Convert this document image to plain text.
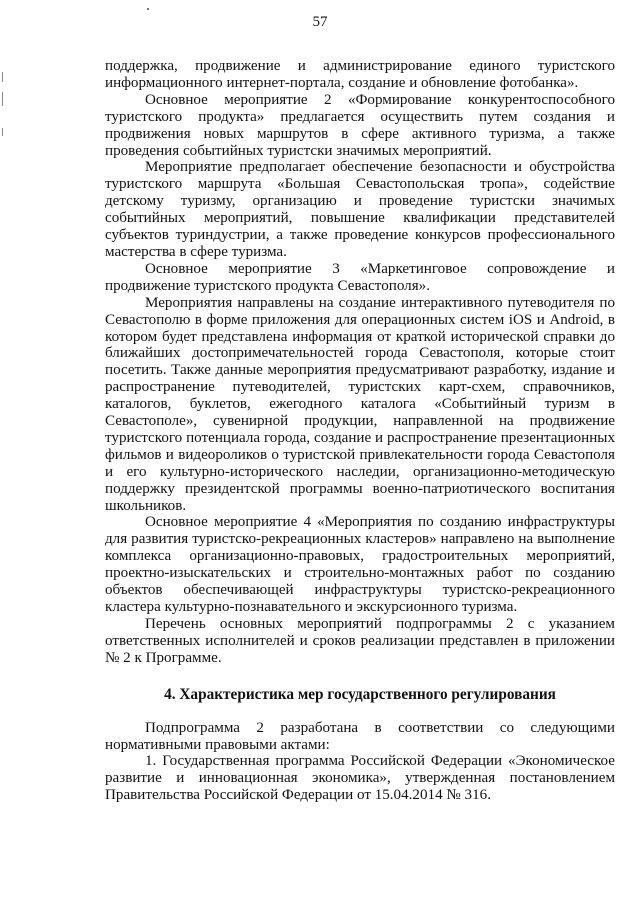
57

поддержка, продвижение и администрирование единого туристского информационного интернет-портала, создание и обновление фотобанка».

Основное мероприятие 2 «Формирование конкурентоспособного туристского продукта» предлагается осуществить путем создания и продвижения новых маршрутов в сфере активного туризма, а также проведения событийных туристски значимых мероприятий.

Мероприятие предполагает обеспечение безопасности и обустройства туристского маршрута «Большая Севастопольская тропа», содействие детскому туризму, организацию и проведение туристски значимых событийных мероприятий, повышение квалификации представителей субъектов туриндустрии, а также проведение конкурсов профессионального мастерства в сфере туризма.

Основное мероприятие 3 «Маркетинговое сопровождение и продвижение туристского продукта Севастополя».

Мероприятия направлены на создание интерактивного путеводителя по Севастополю в форме приложения для операционных систем iOS и Android, в котором будет представлена информация от краткой исторической справки до ближайших достопримечательностей города Севастополя, которые стоит посетить. Также данные мероприятия предусматривают разработку, издание и распространение путеводителей, туристских карт-схем, справочников, каталогов, буклетов, ежегодного каталога «Событийный туризм в Севастополе», сувенирной продукции, направленной на продвижение туристского потенциала города, создание и распространение презентационных фильмов и видеороликов о туристской привлекательности города Севастополя и его культурно-исторического наследии, организационно-методическую поддержку президентской программы военно-патриотического воспитания школьников.

Основное мероприятие 4 «Мероприятия по созданию инфраструктуры для развития туристско-рекреационных кластеров» направлено на выполнение комплекса организационно-правовых, градостроительных мероприятий, проектно-изыскательских и строительно-монтажных работ по созданию объектов обеспечивающей инфраструктуры туристско-рекреационного кластера культурно-познавательного и экскурсионного туризма.

Перечень основных мероприятий подпрограммы 2 с указанием ответственных исполнителей и сроков реализации представлен в приложении № 2 к Программе.

4. Характеристика мер государственного регулирования

Подпрограмма 2 разработана в соответствии со следующими нормативными правовыми актами:

1. Государственная программа Российской Федерации «Экономическое развитие и инновационная экономика», утвержденная постановлением Правительства Российской Федерации от 15.04.2014 № 316.
